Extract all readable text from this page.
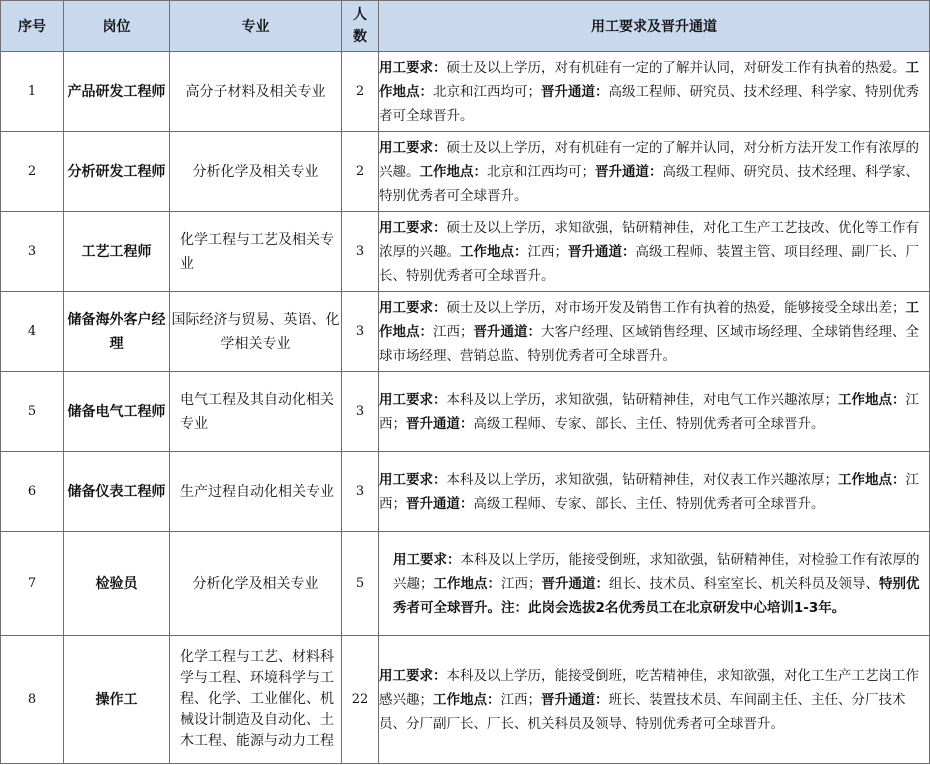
序号	岗位	专业	人数	用工要求及晋升通道
1	产品研发工程师	高分子材料及相关专业	2	用工要求：硕士及以上学历，对有机硅有一定的了解并认同，对研发工作有执着的热爱。工作地点：北京和江西均可；晋升通道：高级工程师、研究员、技术经理、科学家、特别优秀者可全球晋升。
2	分析研发工程师	分析化学及相关专业	2	用工要求：硕士及以上学历，对有机硅有一定的了解并认同，对分析方法开发工作有浓厚的兴趣。工作地点：北京和江西均可；晋升通道：高级工程师、研究员、技术经理、科学家、特别优秀者可全球晋升。
3	工艺工程师	化学工程与工艺及相关专业	3	用工要求：硕士及以上学历，求知欲强，钻研精神佳，对化工生产工艺技改、优化等工作有浓厚的兴趣。工作地点：江西；晋升通道：高级工程师、装置主管、项目经理、副厂长、厂长、特别优秀者可全球晋升。
4	储备海外客户经理	国际经济与贸易、英语、化学相关专业	3	用工要求：硕士及以上学历，对市场开发及销售工作有执着的热爱，能够接受全球出差；工作地点：江西；晋升通道：大客户经理、区域销售经理、区域市场经理、全球销售经理、全球市场经理、营销总监、特别优秀者可全球晋升。
5	储备电气工程师	电气工程及其自动化相关专业	3	用工要求：本科及以上学历，求知欲强，钻研精神佳，对电气工作兴趣浓厚；工作地点：江西；晋升通道：高级工程师、专家、部长、主任、特别优秀者可全球晋升。
6	储备仪表工程师	生产过程自动化相关专业	3	用工要求：本科及以上学历，求知欲强，钻研精神佳，对仪表工作兴趣浓厚；工作地点：江西；晋升通道：高级工程师、专家、部长、主任、特别优秀者可全球晋升。
7	检验员	分析化学及相关专业	5	用工要求：本科及以上学历，能接受倒班，求知欲强，钻研精神佳，对检验工作有浓厚的兴趣；工作地点：江西；晋升通道：组长、技术员、科室室长、机关科员及领导、特别优秀者可全球晋升。注：此岗会选拔2名优秀员工在北京研发中心培训1-3年。
8	操作工	化学工程与工艺、材料科学与工程、环境科学与工程、化学、工业催化、机械设计制造及自动化、土木工程、能源与动力工程	22	用工要求：本科及以上学历，能接受倒班，吃苦精神佳，求知欲强，对化工生产工艺岗工作感兴趣；工作地点：江西；晋升通道：班长、装置技术员、车间副主任、主任、分厂技术员、分厂副厂长、厂长、机关科员及领导、特别优秀者可全球晋升。
